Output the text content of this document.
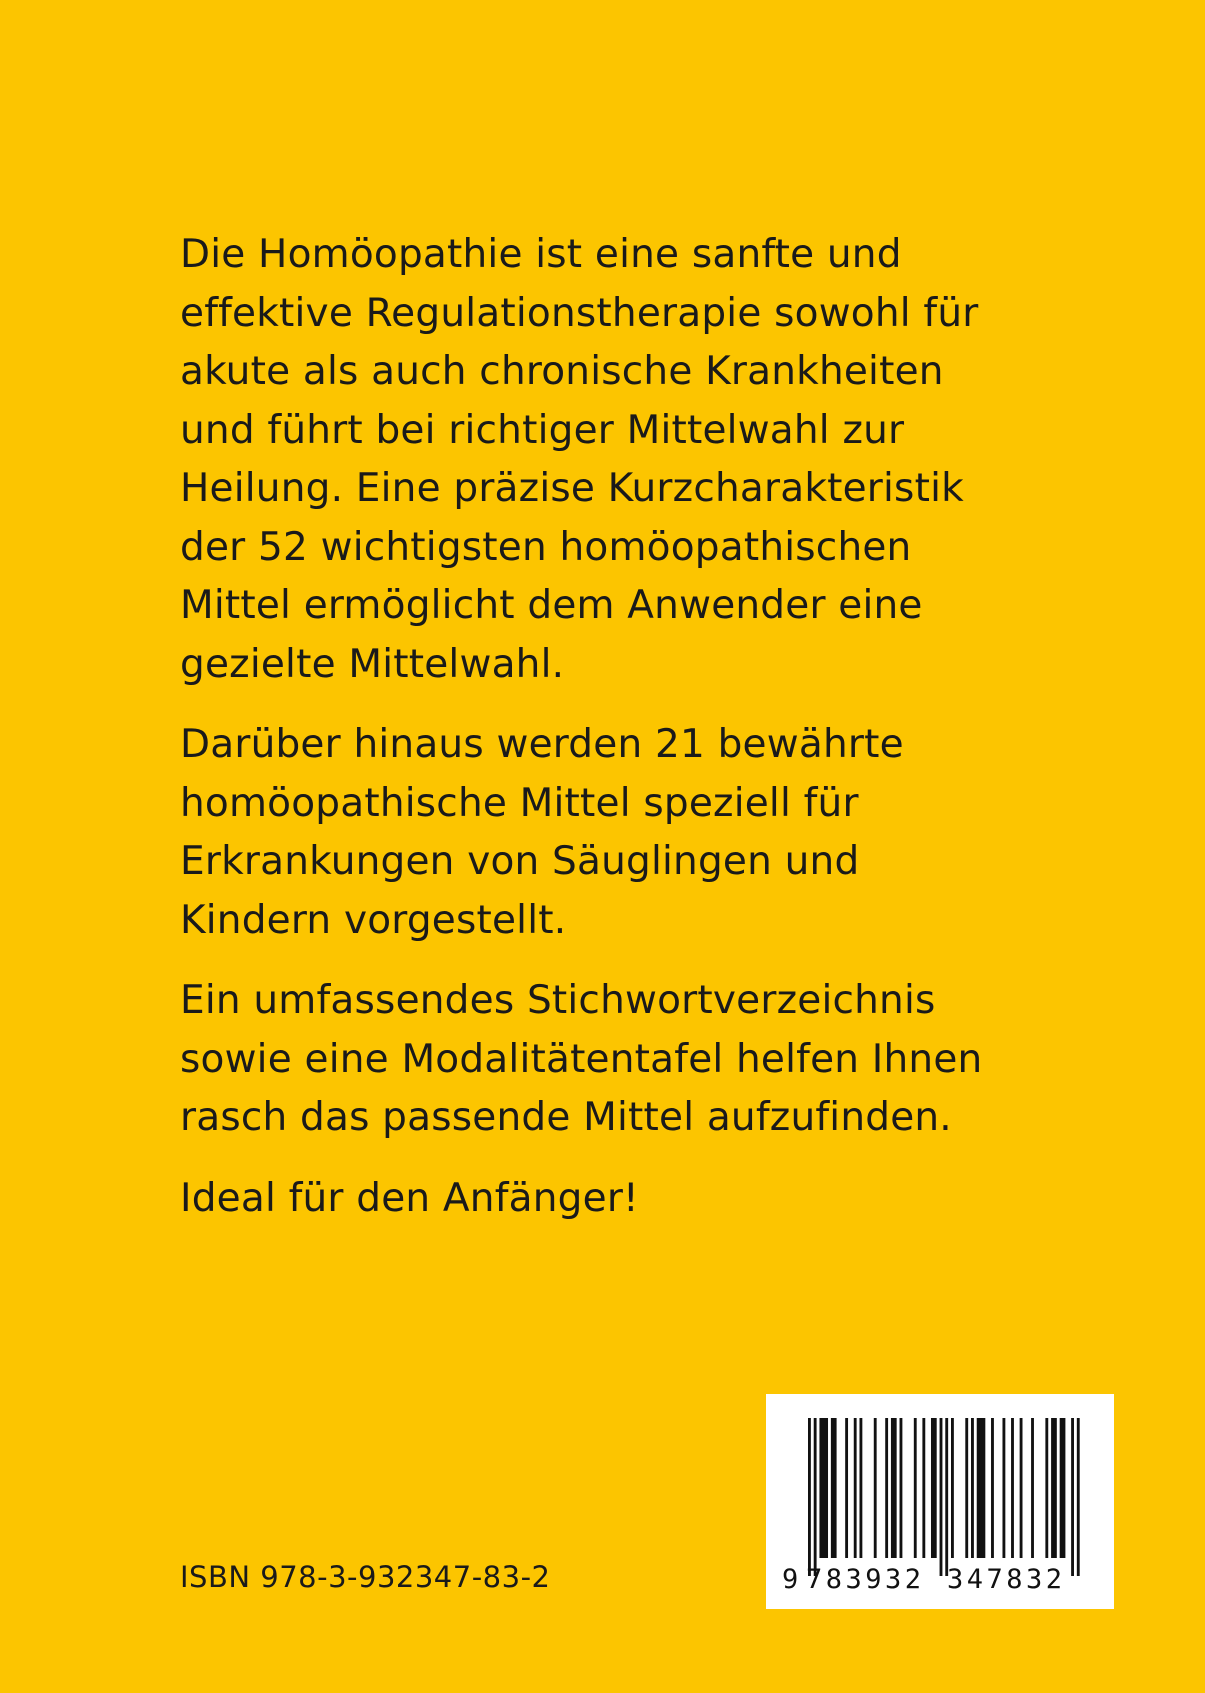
Die Homöopathie ist eine sanfte und
effektive Regulationstherapie sowohl für
akute als auch chronische Krankheiten
und führt bei richtiger Mittelwahl zur
Heilung. Eine präzise Kurzcharakteristik
der 52 wichtigsten homöopathischen
Mittel ermöglicht dem Anwender eine
gezielte Mittelwahl.

Darüber hinaus werden 21 bewährte
homöopathische Mittel speziell für
Erkrankungen von Säuglingen und
Kindern vorgestellt.

Ein umfassendes Stichwortverzeichnis
sowie eine Modalitätentafel helfen Ihnen
rasch das passende Mittel aufzufinden.

Ideal für den Anfänger!

ISBN 978-3-932347-83-2	9 783932 347832
